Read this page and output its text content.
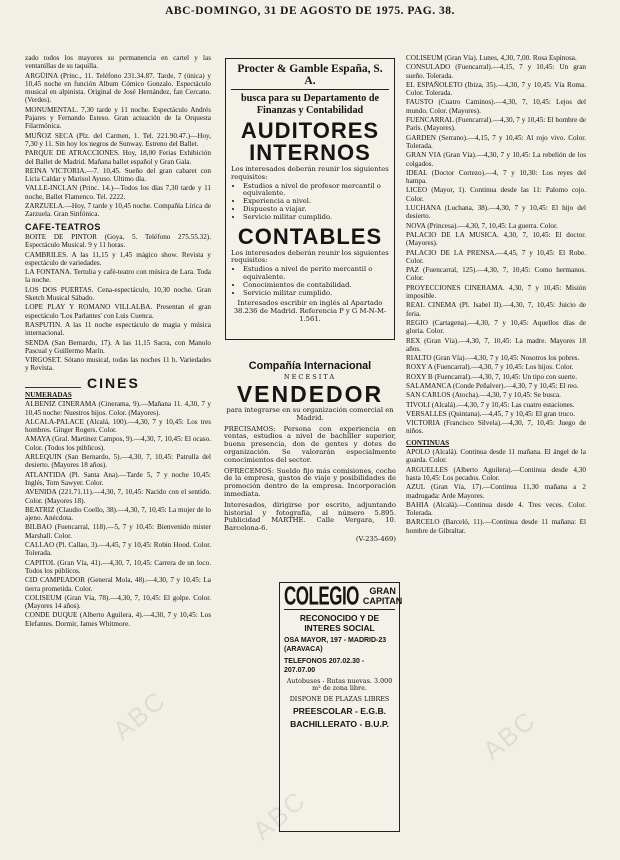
ABC-DOMINGO, 31 DE AGOSTO DE 1975. PAG. 38.

zado todos los mayores su permanencia en cartel y las ventanillas de su taquilla.

ARGÜINA (Princ., 11. Teléfono 231.34.87. Tarde, 7 (única) y 10,45 noche en función Album Cómico Gonzalo. Espectáculo musical en alpinista. Original de José Hernández, fan Cercano. (Verdes).

MONUMENTAL. 7,30 tarde y 11 noche. Espectáculo Andrés Pajares y Fernando Esteso. Gran actuación de la Orquesta Filarmónica.

MUÑOZ SECA (Plz. del Carmen, 1. Tel. 221.90.47.)—Hoy, 7,30 y 11. Sin hoy los negros de Sunway. Estreno del Ballet.

PARQUE DE ATRACCIONES. Hoy, 18,00 Ferias Exhibición del Ballet de Madrid. Mañana ballet español y Gran Gala.

REINA VICTORIA.—7. 10,45. Sueño del gran cabaret con Licia Caldar y Marisol Ayuso. Ultimo día.

VALLE-INCLAN (Princ. 14.)—Todos los días 7,30 tarde y 11 noche, Ballet Flamenco. Tel. 2222.

ZARZUELA.—Hoy, 7 tarde y 10,45 noche. Compañía Lírica de Zarzuela. Gran Sinfónica.

CAFE-TEATROS

BOITE DE PINTOR (Goya, 5. Teléfono 275.55.32). Espectáculo Musical. 9 y 11 horas.

CAMBRILES. A las 11,15 y 1,45 mágico show. Revista y espectáculo de variedades.

LA FONTANA. Tertulia y café-teatro con música de Lara. Toda la noche.

LOS DOS PUERTAS. Cena-espectáculo, 10,30 noche. Gran Sketch Musical Sábado.

LOPE PLAY Y ROMANO VILLALBA. Presentan el gran espectáculo 'Los Parlantes' con Luis Cuenca.

RASPUTIN. A las 11 noche espectáculo de magia y música internacional.

SENDA (San Bernardo, 17). A las 11,15 Sacra, con Manolo Pascual y Guillermo Marín.

VIRGOSET. Sótano musical, todas las noches 11 h. Variedades y Revista.

CINES
NUMERADAS

ALBENIZ CINERAMA (Cinerama, 9).—Mañana 11. 4,30, 7 y 10,45 noche: Nuestros hijos. Color. (Mayores).

ALCALA-PALACE (Alcalá, 100).—4,30, 7 y 10,45: Los tres hombres. Ginger Rogers. Color.

AMAYA (Gral. Martínez Campos, 9).—4,30, 7, 10,45: El ocaso. Color. (Todos los públicos).

ARLEQUIN (San Bernardo, 5).—4,30, 7, 10,45: Patrulla del desierto. (Mayores 18 años).

ATLANTIDA (Pl. Santa Ana).—Tarde 5, 7 y noche 10,45: Inglés, Tom Sawyer. Color.

AVENIDA (221.71.11).—4,30, 7, 10,45: Nacido con el sentido. Color. (Mayores 18).

BEATRIZ (Claudio Coello, 38).—4,30, 7, 10,45: La mujer de lo ajeno. Anécdota.

BILBAO (Fuencarral, 118).—5, 7 y 10,45: Bienvenido mister Marshall. Color.

CALLAO (Pl. Callao, 3).—4,45, 7 y 10,45: Robin Hood. Color. Tolerada.

CAPITOL (Gran Vía, 41).—4,30, 7, 10,45: Carrera de un loco. Todos los públicos.

CID CAMPEADOR (General Mola, 48).—4,30, 7 y 10,45: La tierra prometida. Color.

COLISEUM (Gran Vía, 78).—4,30, 7, 10,45: El golpe. Color. (Mayores 14 años).

CONDE DUQUE (Alberto Aguilera, 4).—4,30, 7 y 10,45: Los Elefantes. Dormir, James Whitmore.

Procter & Gamble España, S. A.
busca para su Departamento de Finanzas y Contabilidad
AUDITORES INTERNOS
Los interesados deberán reunir los siguientes requisitos:
• Estudios a nivel de profesor mercantil o equivalente.
• Experiencia a nivel.
• Dispuesto a viajar.
• Servicio militar cumplido.
CONTABLES
Los interesados deberán reunir los siguientes requisitos:
• Estudios a nivel de perito mercantil o equivalente.
• Conocimientos de contabilidad.
• Servicio militar cumplido.
Interesados escribir en inglés al Apartado 38.236 de Madrid. Referencia P y G M-N-M-1.561.
Compañía Internacional
NECESITA
VENDEDOR
para integrarse en su organización comercial en Madrid.
PRECISAMOS: Persona con experiencia en ventas, estudios a nivel de bachiller superior, buena presencia, don de gentes y dotes de organización. Se valorarán especialmente conocimientos del sector.
OFRECEMOS: Sueldo fijo más comisiones, coche de la empresa, gastos de viaje y posibilidades de promoción dentro de la empresa. Incorporación inmediata.
Interesados, dirigirse por escrito, adjuntando historial y fotografía, al número 5.895. Publicidad MARTHE. Calle Vergara, 10. Barcelona-6.
(V-235-469)
COLEGIO	GRAN CAPITAN
RECONOCIDO Y DE
INTERES SOCIAL
OSA MAYOR, 197 - MADRID-23 (ARAVACA)
TELEFONOS 207.02.30 - 207.07.00
Autobuses - Rutas nuevas. 3.000 m² de zona libre.
DISPONE DE PLAZAS LIBRES
PREESCOLAR - E.G.B.
BACHILLERATO - B.U.P.

COLISEUM (Gran Vía). Lunes, 4,30, 7,00. Rosa Espinosa.

CONSULADO (Fuencarral).—4,15, 7 y 10,45: Un gran sueño. Tolerada.

EL ESPAÑOLETO (Ibiza, 35).—4,30, 7 y 10,45: Vía Roma. Color. Tolerada.

FAUSTO (Cuatro Caminos).—4,30, 7, 10,45: Lejos del mundo. Color. (Mayores).

FUENCARRAL (Fuencarral).—4,30, 7 y 10,45: El hombre de París. (Mayores).

GARDEN (Serrano).—4,15, 7 y 10,45: Al rojo vivo. Color. Tolerada.

GRAN VIA (Gran Vía).—4,30, 7 y 10,45: La rebelión de los colgados.

IDEAL (Doctor Cortezo).—4, 7 y 10,30: Los reyes del hampa.

LICEO (Mayor, 1). Continua desde las 11: Palomo cojo. Color.

LUCHANA (Luchana, 38).—4,30, 7 y 10,45: El hijo del desierto.

NOVA (Princesa).—4,30, 7, 10,45: La guerra. Color.

PALACIO DE LA MUSICA. 4,30, 7, 10,45: El doctor. (Mayores).

PALACIO DE LA PRENSA.—4,45, 7 y 10,45: El Robe. Color.

PAZ (Fuencarral, 125).—4,30, 7, 10,45: Como hermanos. Color.

PROYECCIONES CINERAMA. 4,30, 7 y 10,45: Misión imposible.

REAL CINEMA (Pl. Isabel II).—4,30, 7, 10,45: Juicio de feria.

REGIO (Cartagena).—4,30, 7 y 10,45: Aquellos días de gloria. Color.

REX (Gran Vía).—4,30, 7, 10,45: La madre. Mayores 18 años.

RIALTO (Gran Vía).—4,30, 7 y 10,45: Nosotros los pobres.

ROXY A (Fuencarral).—4,30, 7 y 10,45: Los hijos. Color.

ROXY B (Fuencarral).—4,30, 7, 10,45: Un tipo con suerte.

SALAMANCA (Conde Peñalver).—4,30, 7 y 10,45: El reo.

SAN CARLOS (Atocha).—4,30, 7 y 10,45: Se busca.

TIVOLI (Alcalá).—4,30, 7 y 10,45: Las cuatro estaciones.

VERSALLES (Quintana).—4,45, 7 y 10,45: El gran truco.

VICTORIA (Francisco Silvela).—4,30, 7, 10,45: Juego de niños.

CONTINUAS

APOLO (Alcalá). Continua desde 11 mañana. El ángel de la guarda. Color.

ARGUELLES (Alberto Aguilera).—Continua desde 4,30 hasta 10,45: Los pecados. Color.

AZUL (Gran Vía, 17).—Continua 11,30 mañana a 2 madrugada: Arde Mayores.

BAHIA (Alcalá).—Continua desde 4. Tres veces. Color. Tolerada.

BARCELO (Barceló, 11).—Continua desde 11 mañana: El hombre de Gibraltar.

ABC	ABC
